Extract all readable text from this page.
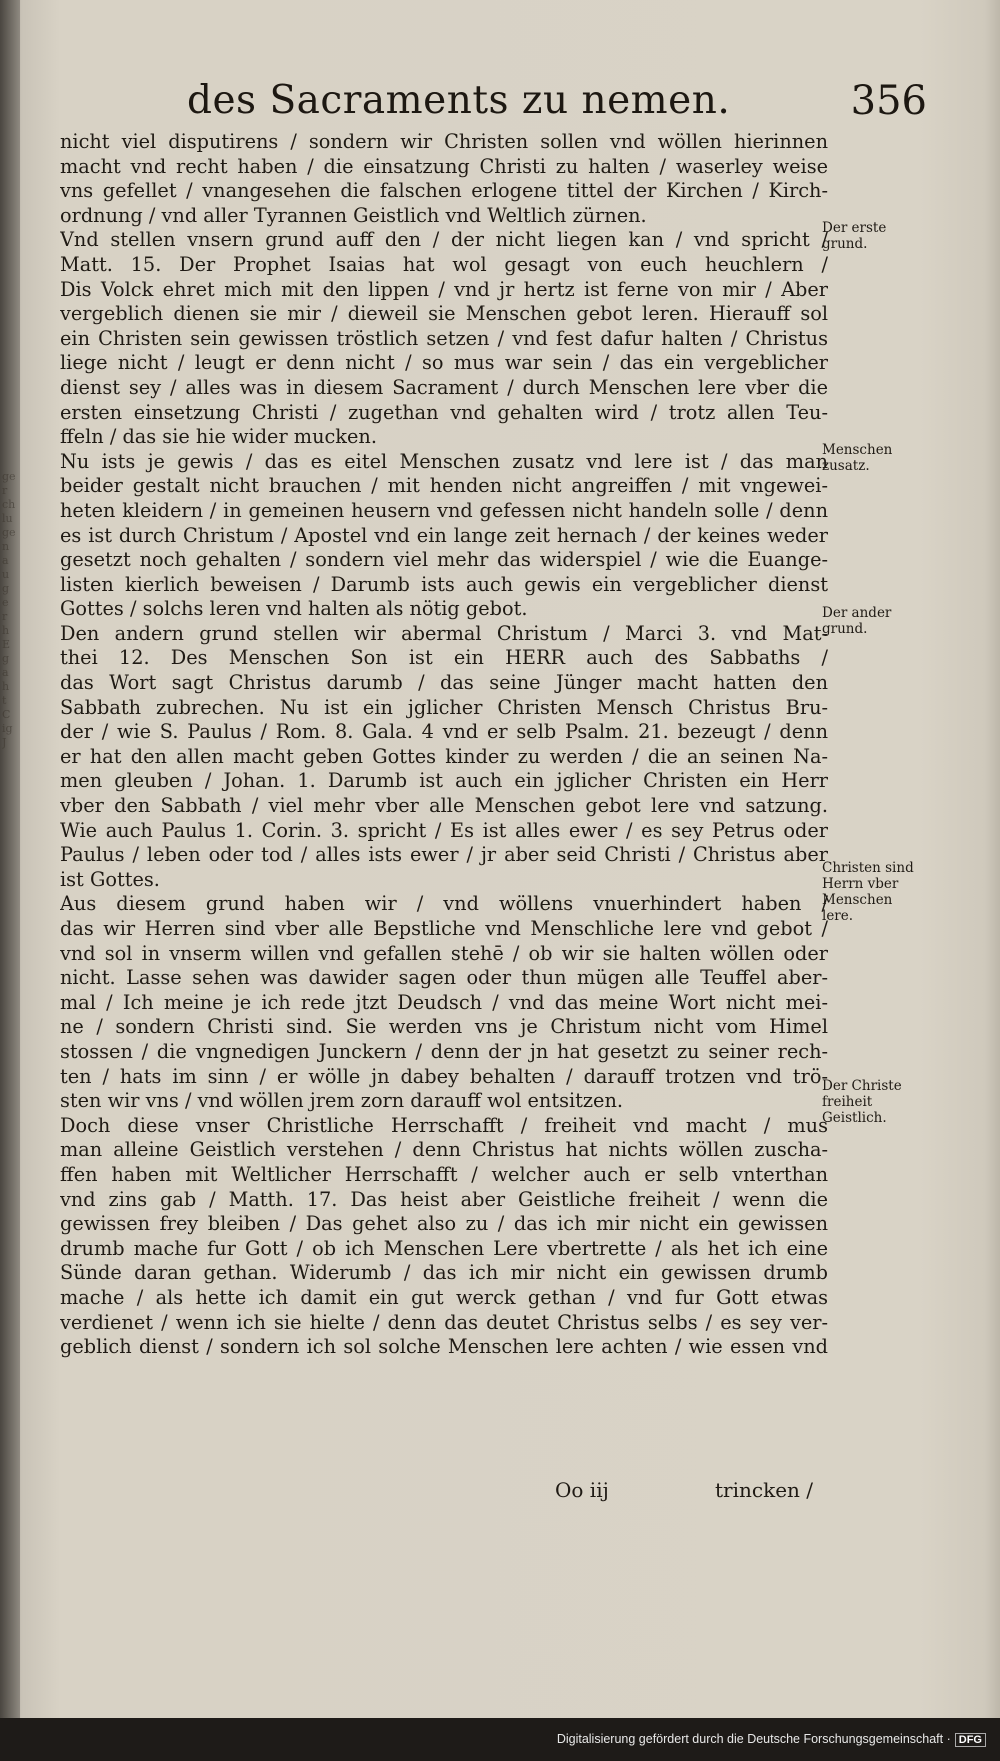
ge
r
ch
lu
ge
n
a
u
g
e
r
h
E
g
a
h
t
C
ig
J
des Sacraments zu nemen.	356
nicht viel disputirens / sondern wir Christen sollen vnd wöllen hierinnen
macht vnd recht haben / die einsatzung Christi zu halten / waserley weise
vns gefellet / vnangesehen die falschen erlogene tittel der Kirchen / Kirch-
ordnung / vnd aller Tyrannen Geistlich vnd Weltlich zürnen.
Vnd stellen vnsern grund auff den / der nicht liegen kan / vnd spricht /
Matt. 15. Der Prophet Isaias hat wol gesagt von euch heuchlern /
Dis Volck ehret mich mit den lippen / vnd jr hertz ist ferne von mir / Aber
vergeblich dienen sie mir / dieweil sie Menschen gebot leren. Hierauff sol
ein Christen sein gewissen tröstlich setzen / vnd fest dafur halten / Christus
liege nicht / leugt er denn nicht / so mus war sein / das ein vergeblicher
dienst sey / alles was in diesem Sacrament / durch Menschen lere vber die
ersten einsetzung Christi / zugethan vnd gehalten wird / trotz allen Teu-
ffeln / das sie hie wider mucken.
Nu ists je gewis / das es eitel Menschen zusatz vnd lere ist / das man
beider gestalt nicht brauchen / mit henden nicht angreiffen / mit vngewei-
heten kleidern / in gemeinen heusern vnd gefessen nicht handeln solle / denn
es ist durch Christum / Apostel vnd ein lange zeit hernach / der keines weder
gesetzt noch gehalten / sondern viel mehr das widerspiel / wie die Euange-
listen kierlich beweisen / Darumb ists auch gewis ein vergeblicher dienst
Gottes / solchs leren vnd halten als nötig gebot.
Den andern grund stellen wir abermal Christum / Marci 3. vnd Mat-
thei 12. Des Menschen Son ist ein HERR auch des Sabbaths /
das Wort sagt Christus darumb / das seine Jünger macht hatten den
Sabbath zubrechen. Nu ist ein jglicher Christen Mensch Christus Bru-
der / wie S. Paulus / Rom. 8. Gala. 4 vnd er selb Psalm. 21. bezeugt / denn
er hat den allen macht geben Gottes kinder zu werden / die an seinen Na-
men gleuben / Johan. 1. Darumb ist auch ein jglicher Christen ein Herr
vber den Sabbath / viel mehr vber alle Menschen gebot lere vnd satzung.
Wie auch Paulus 1. Corin. 3. spricht / Es ist alles ewer / es sey Petrus oder
Paulus / leben oder tod / alles ists ewer / jr aber seid Christi / Christus aber
ist Gottes.
Aus diesem grund haben wir / vnd wöllens vnuerhindert haben /
das wir Herren sind vber alle Bepstliche vnd Menschliche lere vnd gebot /
vnd sol in vnserm willen vnd gefallen stehē / ob wir sie halten wöllen oder
nicht. Lasse sehen was dawider sagen oder thun mügen alle Teuffel aber-
mal / Ich meine je ich rede jtzt Deudsch / vnd das meine Wort nicht mei-
ne / sondern Christi sind. Sie werden vns je Christum nicht vom Himel
stossen / die vngnedigen Junckern / denn der jn hat gesetzt zu seiner rech-
ten / hats im sinn / er wölle jn dabey behalten / darauff trotzen vnd trö-
sten wir vns / vnd wöllen jrem zorn darauff wol entsitzen.
Doch diese vnser Christliche Herrschafft / freiheit vnd macht / mus
man alleine Geistlich verstehen / denn Christus hat nichts wöllen zuscha-
ffen haben mit Weltlicher Herrschafft / welcher auch er selb vnterthan
vnd zins gab / Matth. 17. Das heist aber Geistliche freiheit / wenn die
gewissen frey bleiben / Das gehet also zu / das ich mir nicht ein gewissen
drumb mache fur Gott / ob ich Menschen Lere vbertrette / als het ich eine
Sünde daran gethan. Widerumb / das ich mir nicht ein gewissen drumb
mache / als hette ich damit ein gut werck gethan / vnd fur Gott etwas
verdienet / wenn ich sie hielte / denn das deutet Christus selbs / es sey ver-
geblich dienst / sondern ich sol solche Menschen lere achten / wie essen vnd
Der erste grund.
Menschen zusatz.
Der ander grund.
Christen sind Herrn vber Menschen lere.
Der Christe freiheit Geistlich.
Oo iij	trincken /
Digitalisierung gefördert durch die Deutsche Forschungsgemeinschaft · DFG
